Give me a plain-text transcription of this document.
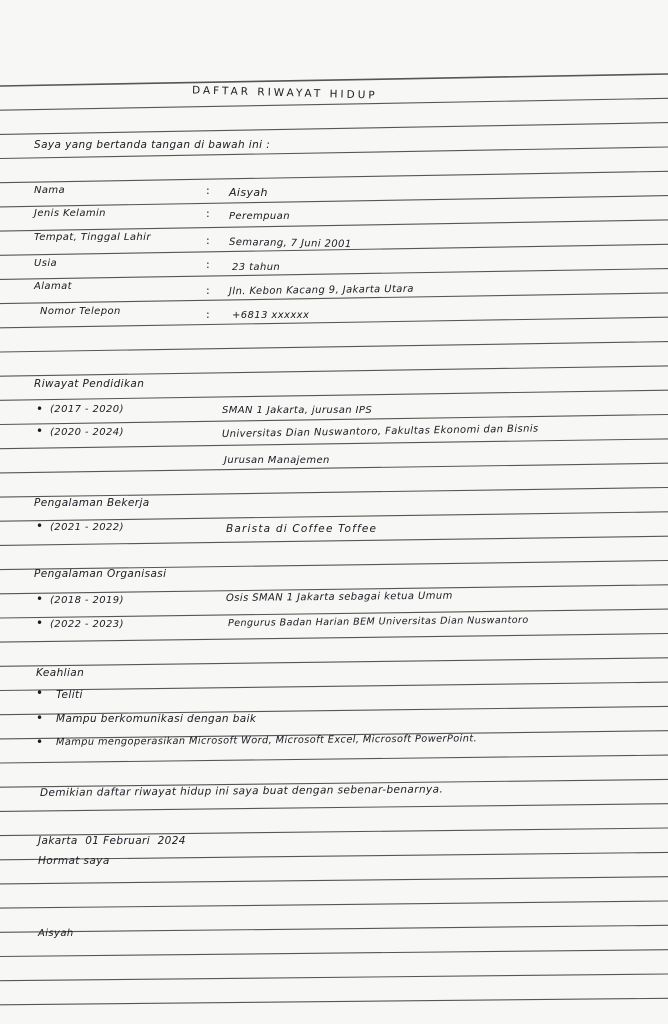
DAFTAR RIWAYAT HIDUP
Saya yang bertanda tangan di bawah ini :
Nama	: Aisyah
Jenis Kelamin	: Perempuan
Tempat, Tinggal Lahir	: Semarang, 7 Juni 2001
Usia	: 23 tahun
Alamat	: Jln. Kebon Kacang 9, Jakarta Utara
Nomor Telepon	: +6813 xxxxxx
Riwayat Pendidikan
• (2017 - 2020)	SMAN 1 Jakarta, jurusan IPS
• (2020 - 2024)	Universitas Dian Nuswantoro, Fakultas Ekonomi dan Bisnis
Jurusan Manajemen
Pengalaman Bekerja
• (2021 - 2022)	Barista di Coffee Toffee
Pengalaman Organisasi
• (2018 - 2019)	Osis SMAN 1 Jakarta sebagai ketua Umum
• (2022 - 2023)	Pengurus Badan Harian BEM Universitas Dian Nuswantoro
Keahlian
• Teliti
• Mampu berkomunikasi dengan baik
• Mampu mengoperasikan Microsoft Word, Microsoft Excel, Microsoft PowerPoint.
Demikian daftar riwayat hidup ini saya buat dengan sebenar-benarnya.
Jakarta  01 Februari  2024
Hormat saya
Aisyah
